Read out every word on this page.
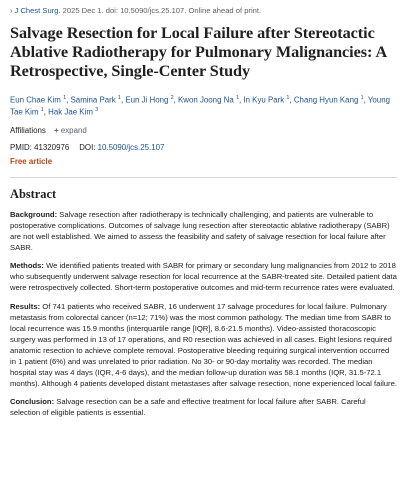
› J Chest Surg. 2025 Dec 1. doi: 10.5090/jcs.25.107. Online ahead of print.
Salvage Resection for Local Failure after Stereotactic Ablative Radiotherapy for Pulmonary Malignancies: A Retrospective, Single-Center Study
Eun Chae Kim $^1$, Samina Park $^1$, Eun Ji Hong $^2$, Kwon Joong Na $^1$, In Kyu Park $^1$, Chang Hyun Kang $^1$, Young Tae Kim $^1$, Hak Jae Kim $^3$
Affiliations + expand
PMID: 41320976 DOI: 10.5090/jcs.25.107
Free article
Abstract

Background: Salvage resection after radiotherapy is technically challenging, and patients are vulnerable to postoperative complications. Outcomes of salvage lung resection after stereotactic ablative radiotherapy (SABR) are not well established. We aimed to assess the feasibility and safety of salvage resection for local failure after SABR.

Methods: We identified patients treated with SABR for primary or secondary lung malignancies from 2012 to 2018 who subsequently underwent salvage resection for local recurrence at the SABR-treated site. Detailed patient data were retrospectively collected. Short-term postoperative outcomes and mid-term recurrence rates were evaluated.

Results: Of 741 patients who received SABR, 16 underwent 17 salvage procedures for local failure. Pulmonary metastasis from colorectal cancer (n=12; 71%) was the most common pathology. The median time from SABR to local recurrence was 15.9 months (interquartile range [IQR], 8.6-21.5 months). Video-assisted thoracoscopic surgery was performed in 13 of 17 operations, and R0 resection was achieved in all cases. Eight lesions required anatomic resection to achieve complete removal. Postoperative bleeding requiring surgical intervention occurred in 1 patient (6%) and was unrelated to prior radiation. No 30- or 90-day mortality was recorded. The median hospital stay was 4 days (IQR, 4-6 days), and the median follow-up duration was 58.1 months (IQR, 31.5-72.1 months). Although 4 patients developed distant metastases after salvage resection, none experienced local failure.

Conclusion: Salvage resection can be a safe and effective treatment for local failure after SABR. Careful selection of eligible patients is essential.
